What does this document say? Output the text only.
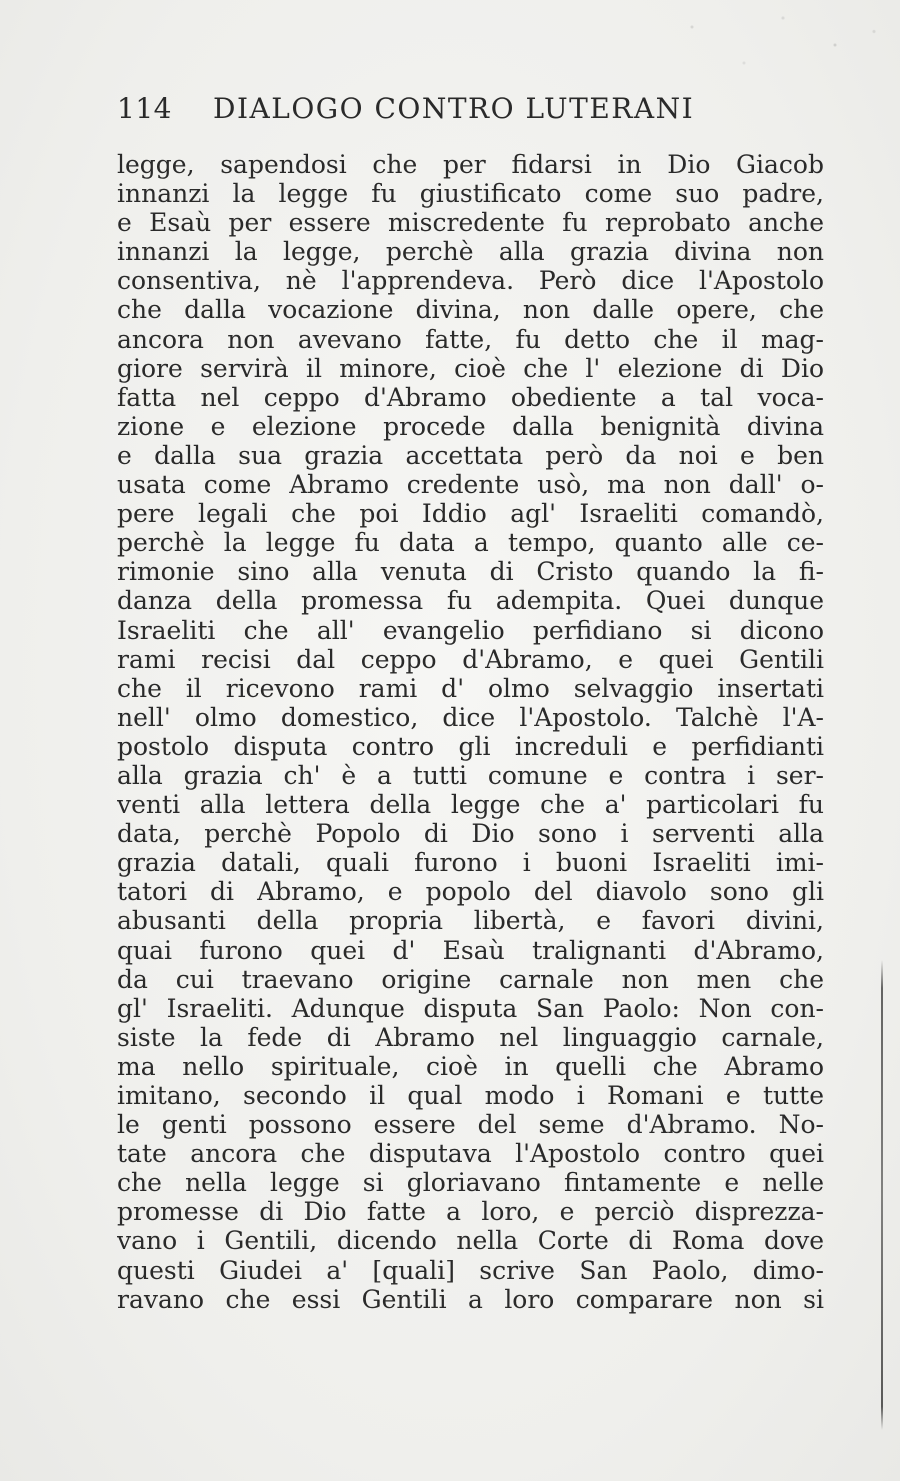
114 DIALOGO CONTRO LUTERANI
legge, sapendosi che per fidarsi in Dio Giacob
innanzi la legge fu giustificato come suo padre,
e Esaù per essere miscredente fu reprobato anche
innanzi la legge, perchè alla grazia divina non
consentiva, nè l'apprendeva. Però dice l'Apostolo
che dalla vocazione divina, non dalle opere, che
ancora non avevano fatte, fu detto che il mag-
giore servirà il minore, cioè che l' elezione di Dio
fatta nel ceppo d'Abramo obediente a tal voca-
zione e elezione procede dalla benignità divina
e dalla sua grazia accettata però da noi e ben
usata come Abramo credente usò, ma non dall' o-
pere legali che poi Iddio agl' Israeliti comandò,
perchè la legge fu data a tempo, quanto alle ce-
rimonie sino alla venuta di Cristo quando la fi-
danza della promessa fu adempita. Quei dunque
Israeliti che all' evangelio perfidiano si dicono
rami recisi dal ceppo d'Abramo, e quei Gentili
che il ricevono rami d' olmo selvaggio insertati
nell' olmo domestico, dice l'Apostolo. Talchè l'A-
postolo disputa contro gli increduli e perfidianti
alla grazia ch' è a tutti comune e contra i ser-
venti alla lettera della legge che a' particolari fu
data, perchè Popolo di Dio sono i serventi alla
grazia datali, quali furono i buoni Israeliti imi-
tatori di Abramo, e popolo del diavolo sono gli
abusanti della propria libertà, e favori divini,
quai furono quei d' Esaù tralignanti d'Abramo,
da cui traevano origine carnale non men che
gl' Israeliti. Adunque disputa San Paolo: Non con-
siste la fede di Abramo nel linguaggio carnale,
ma nello spirituale, cioè in quelli che Abramo
imitano, secondo il qual modo i Romani e tutte
le genti possono essere del seme d'Abramo. No-
tate ancora che disputava l'Apostolo contro quei
che nella legge si gloriavano fintamente e nelle
promesse di Dio fatte a loro, e perciò disprezza-
vano i Gentili, dicendo nella Corte di Roma dove
questi Giudei a' [quali] scrive San Paolo, dimo-
ravano che essi Gentili a loro comparare non si
